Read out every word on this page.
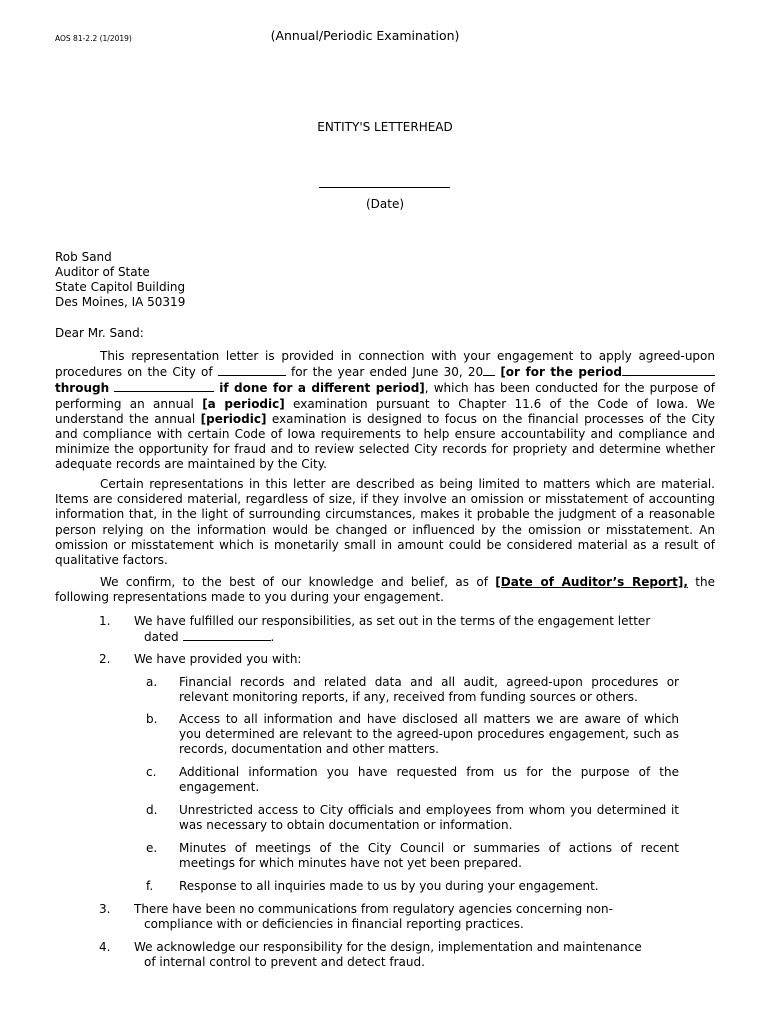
AOS 81-2.2 (1/2019)	(Annual/Periodic Examination)
ENTITY'S LETTERHEAD
(Date)
Rob Sand
Auditor of State
State Capitol Building
Des Moines, IA 50319
Dear Mr. Sand:
This representation letter is provided in connection with your engagement to apply agreed-upon procedures on the City of	for the year ended June 30, 20 [or for the period through	if done for a different period], which has been conducted for the purpose of performing an annual [a periodic] examination pursuant to Chapter 11.6 of the Code of Iowa. We understand the annual [periodic] examination is designed to focus on the financial processes of the City and compliance with certain Code of Iowa requirements to help ensure accountability and compliance and minimize the opportunity for fraud and to review selected City records for propriety and determine whether adequate records are maintained by the City.
Certain representations in this letter are described as being limited to matters which are material. Items are considered material, regardless of size, if they involve an omission or misstatement of accounting information that, in the light of surrounding circumstances, makes it probable the judgment of a reasonable person relying on the information would be changed or influenced by the omission or misstatement. An omission or misstatement which is monetarily small in amount could be considered material as a result of qualitative factors.
We confirm, to the best of our knowledge and belief, as of [Date of Auditor’s Report], the following representations made to you during your engagement.
1. We have fulfilled our responsibilities, as set out in the terms of the engagement letter
dated	.
2. We have provided you with:
a. Financial records and related data and all audit, agreed-upon procedures or relevant monitoring reports, if any, received from funding sources or others.
b. Access to all information and have disclosed all matters we are aware of which you determined are relevant to the agreed-upon procedures engagement, such as records, documentation and other matters.
c. Additional information you have requested from us for the purpose of the engagement.
d. Unrestricted access to City officials and employees from whom you determined it was necessary to obtain documentation or information.
e. Minutes of meetings of the City Council or summaries of actions of recent meetings for which minutes have not yet been prepared.
f. Response to all inquiries made to us by you during your engagement.
3. There have been no communications from regulatory agencies concerning non-
compliance with or deficiencies in financial reporting practices.
4. We acknowledge our responsibility for the design, implementation and maintenance
of internal control to prevent and detect fraud.
